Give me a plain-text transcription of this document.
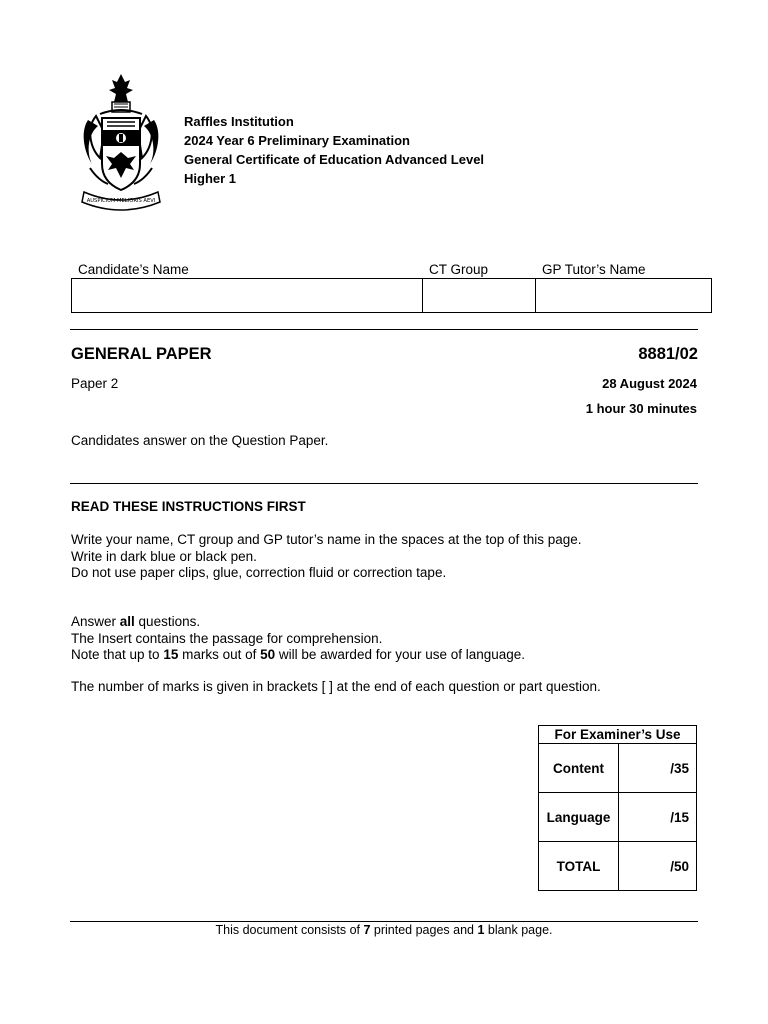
AUSPICIUM MELIORIS AEVI
Raffles Institution
2024 Year 6 Preliminary Examination
General Certificate of Education Advanced Level
Higher 1
Candidate’s Name	CT Group	GP Tutor’s Name
GENERAL PAPER	8881/02
Paper 2	28 August 2024
1 hour 30 minutes
Candidates answer on the Question Paper.
READ THESE INSTRUCTIONS FIRST
Write your name, CT group and GP tutor’s name in the spaces at the top of this page.
Write in dark blue or black pen.
Do not use paper clips, glue, correction fluid or correction tape.
Answer all questions.
The Insert contains the passage for comprehension.
Note that up to 15 marks out of 50 will be awarded for your use of language.
The number of marks is given in brackets [ ] at the end of each question or part question.
For Examiner’s Use	
Content	/35
Language	/15
TOTAL	/50
This document consists of 7 printed pages and 1 blank page.
